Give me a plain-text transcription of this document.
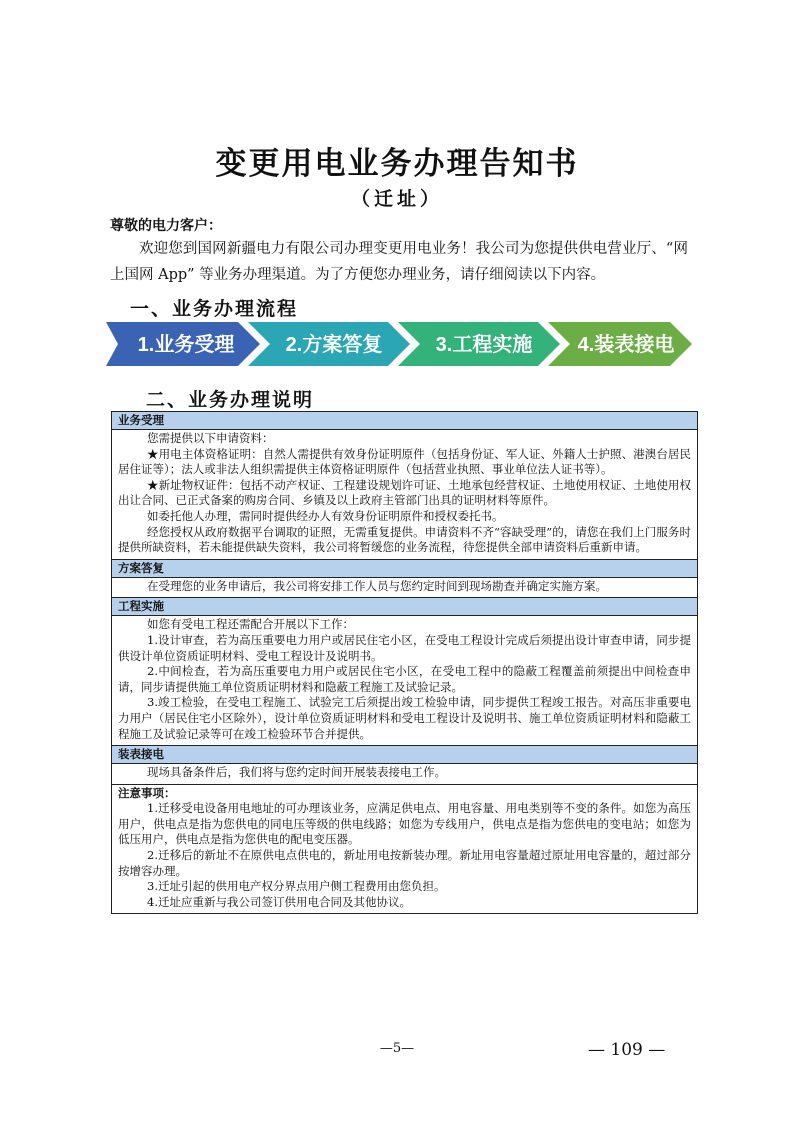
变更用电业务办理告知书
（迁址）
尊敬的电力客户：
欢迎您到国网新疆电力有限公司办理变更用电业务！我公司为您提供供电营业厅、“网上国网 App” 等业务办理渠道。为了方便您办理业务，请仔细阅读以下内容。
一、业务办理流程
1.业务受理	2.方案答复	3.工程实施 4.装表接电
二、业务办理说明
业务受理

您需提供以下申请资料：

★用电主体资格证明：自然人需提供有效身份证明原件（包括身份证、军人证、外籍人士护照、港澳台居民居住证等）；法人或非法人组织需提供主体资格证明原件（包括营业执照、事业单位法人证书等）。

★新址物权证件：包括不动产权证、工程建设规划许可证、土地承包经营权证、土地使用权证、土地使用权出让合同、已正式备案的购房合同、乡镇及以上政府主管部门出具的证明材料等原件。

如委托他人办理，需同时提供经办人有效身份证明原件和授权委托书。

经您授权从政府数据平台调取的证照，无需重复提供。申请资料不齐“容缺受理”的，请您在我们上门服务时提供所缺资料，若未能提供缺失资料，我公司将暂缓您的业务流程，待您提供全部申请资料后重新申请。

方案答复

在受理您的业务申请后，我公司将安排工作人员与您约定时间到现场勘查并确定实施方案。

工程实施

如您有受电工程还需配合开展以下工作：

1.设计审查，若为高压重要电力用户或居民住宅小区，在受电工程设计完成后须提出设计审查申请，同步提供设计单位资质证明材料、受电工程设计及说明书。

2.中间检查，若为高压重要电力用户或居民住宅小区，在受电工程中的隐蔽工程覆盖前须提出中间检查申请，同步请提供施工单位资质证明材料和隐蔽工程施工及试验记录。

3.竣工检验，在受电工程施工、试验完工后须提出竣工检验申请，同步提供工程竣工报告。对高压非重要电力用户（居民住宅小区除外），设计单位资质证明材料和受电工程设计及说明书、施工单位资质证明材料和隐蔽工程施工及试验记录等可在竣工检验环节合并提供。

装表接电

现场具备条件后，我们将与您约定时间开展装表接电工作。

注意事项：

1.迁移受电设备用电地址的可办理该业务，应满足供电点、用电容量、用电类别等不变的条件。如您为高压用户，供电点是指为您供电的同电压等级的供电线路；如您为专线用户，供电点是指为您供电的变电站；如您为低压用户，供电点是指为您供电的配电变压器。

2.迁移后的新址不在原供电点供电的，新址用电按新装办理。新址用电容量超过原址用电容量的，超过部分按增容办理。

3.迁址引起的供用电产权分界点用户侧工程费用由您负担。

4.迁址应重新与我公司签订供用电合同及其他协议。

—5—	— 109 —
